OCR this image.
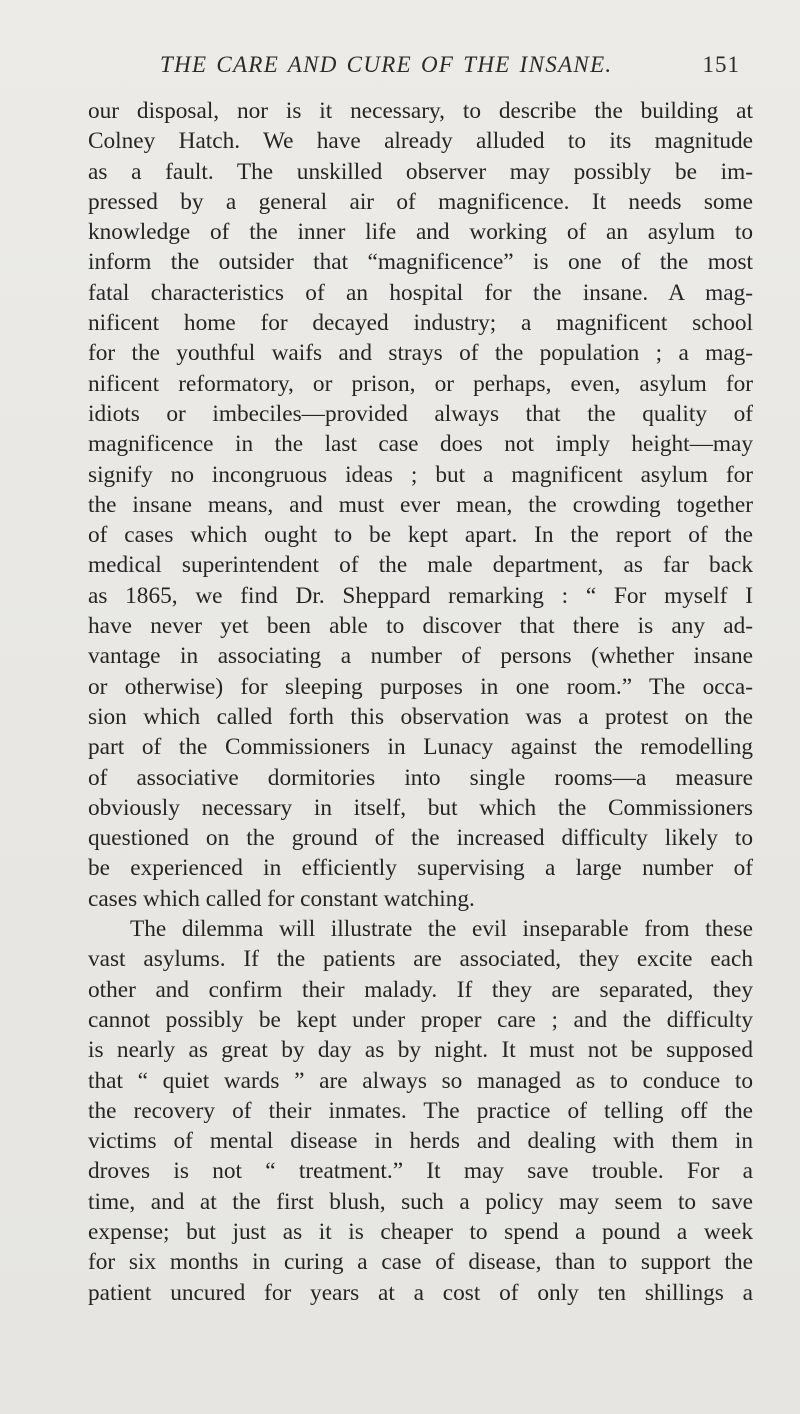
THE CARE AND CURE OF THE INSANE.	151
our disposal, nor is it necessary, to describe the building at
Colney Hatch. We have already alluded to its magnitude
as a fault. The unskilled observer may possibly be im-
pressed by a general air of magnificence. It needs some
knowledge of the inner life and working of an asylum to
inform the outsider that “magnificence” is one of the most
fatal characteristics of an hospital for the insane. A mag-
nificent home for decayed industry; a magnificent school
for the youthful waifs and strays of the population ; a mag-
nificent reformatory, or prison, or perhaps, even, asylum for
idiots or imbeciles—provided always that the quality of
magnificence in the last case does not imply height—may
signify no incongruous ideas ; but a magnificent asylum for
the insane means, and must ever mean, the crowding together
of cases which ought to be kept apart. In the report of the
medical superintendent of the male department, as far back
as 1865, we find Dr. Sheppard remarking : “ For myself I
have never yet been able to discover that there is any ad-
vantage in associating a number of persons (whether insane
or otherwise) for sleeping purposes in one room.” The occa-
sion which called forth this observation was a protest on the
part of the Commissioners in Lunacy against the remodelling
of associative dormitories into single rooms—a measure
obviously necessary in itself, but which the Commissioners
questioned on the ground of the increased difficulty likely to
be experienced in efficiently supervising a large number of
cases which called for constant watching.
The dilemma will illustrate the evil inseparable from these
vast asylums. If the patients are associated, they excite each
other and confirm their malady. If they are separated, they
cannot possibly be kept under proper care ; and the difficulty
is nearly as great by day as by night. It must not be supposed
that “ quiet wards ” are always so managed as to conduce to
the recovery of their inmates. The practice of telling off the
victims of mental disease in herds and dealing with them in
droves is not “ treatment.” It may save trouble. For a
time, and at the first blush, such a policy may seem to save
expense; but just as it is cheaper to spend a pound a week
for six months in curing a case of disease, than to support the
patient uncured for years at a cost of only ten shillings a
